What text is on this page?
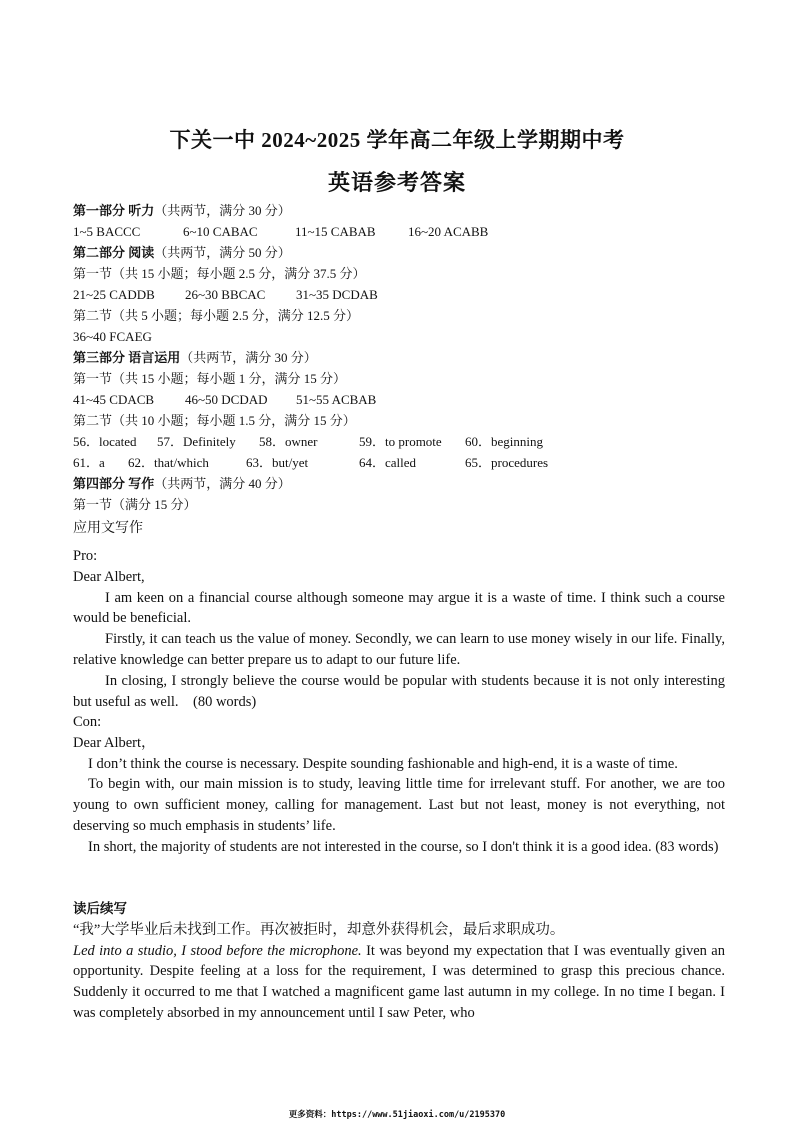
下关一中 2024~2025 学年高二年级上学期期中考
英语参考答案
第一部分 听力（共两节，满分 30 分）
1~5 BACCC	6~10 CABAC	11~15 CABAB	16~20 ACABB
第二部分 阅读（共两节，满分 50 分）
第一节（共 15 小题；每小题 2.5 分，满分 37.5 分）
21~25 CADDB	26~30 BBCAC	31~35 DCDAB
第二节（共 5 小题；每小题 2.5 分，满分 12.5 分）
36~40 FCAEG
第三部分 语言运用（共两节，满分 30 分）
第一节（共 15 小题；每小题 1 分，满分 15 分）
41~45 CDACB	46~50 DCDAD	51~55 ACBAB
第二节（共 10 小题；每小题 1.5 分，满分 15 分）
56．located	57．Definitely	58．owner	59．to promote	60．beginning
61．a	62．that/which	63．but/yet	64．called	65．procedures
第四部分 写作（共两节，满分 40 分）
第一节（满分 15 分）
应用文写作

Pro:

Dear Albert,

I am keen on a financial course although someone may argue it is a waste of time. I think such a course would be beneficial.

Firstly, it can teach us the value of money. Secondly, we can learn to use money wisely in our life. Finally, relative knowledge can better prepare us to adapt to our future life.

In closing, I strongly believe the course would be popular with students because it is not only interesting but useful as well.　(80 words)

Con:

Dear Albert，

I don’t think the course is necessary. Despite sounding fashionable and high-end, it is a waste of time.

To begin with, our main mission is to study, leaving little time for irrelevant stuff. For another, we are too young to own sufficient money, calling for management. Last but not least, money is not everything, not deserving so much emphasis in students’ life.

In short, the majority of students are not interested in the course, so I don't think it is a good idea. (83 words)

读后续写

“我”大学毕业后未找到工作。再次被拒时，却意外获得机会，最后求职成功。

Led into a studio, I stood before the microphone. It was beyond my expectation that I was eventually given an opportunity. Despite feeling at a loss for the requirement, I was determined to grasp this precious chance. Suddenly it occurred to me that I watched a magnificent game last autumn in my college. In no time I began. I was completely absorbed in my announcement until I saw Peter, who

更多资料：https://www.51jiaoxi.com/u/2195370
